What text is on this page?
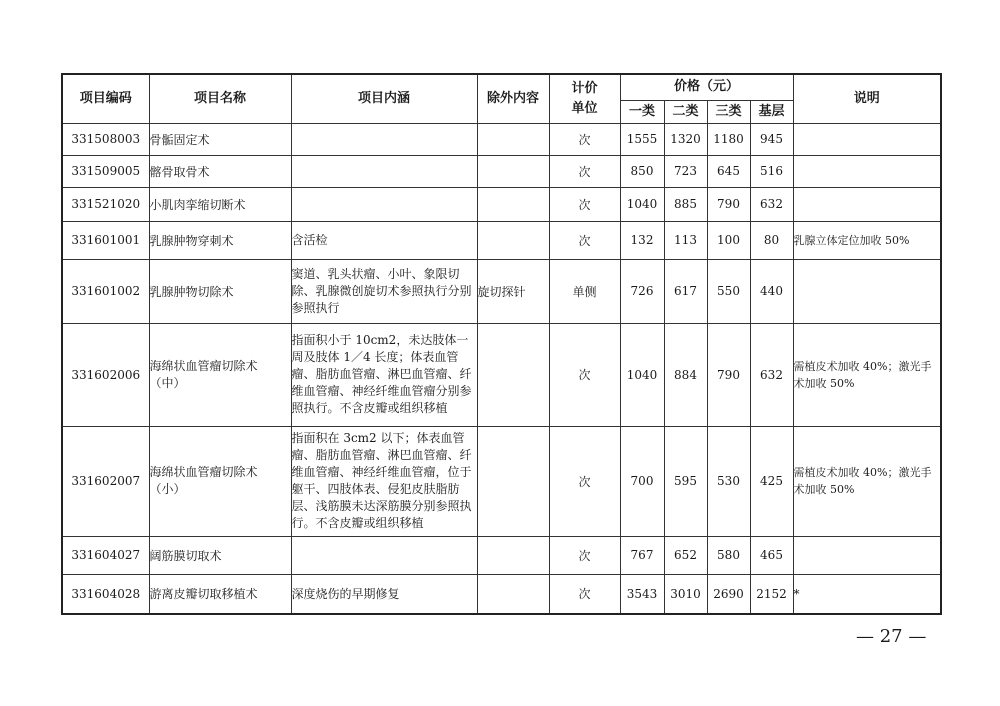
项目编码	项目名称	项目内涵	除外内容	计价单位	价格（元）				说明
					一类	二类	三类	基层	
331508003	骨骺固定术			次	1555	1320	1180	945	
331509005	髂骨取骨术			次	850	723	645	516	
331521020	小肌肉挛缩切断术			次	1040	885	790	632	
331601001	乳腺肿物穿刺术	含活检		次	132	113	100	80	乳腺立体定位加收 50%
331601002	乳腺肿物切除术	窦道、乳头状瘤、小叶、象限切除、乳腺微创旋切术参照执行分别参照执行	旋切探针	单侧	726	617	550	440	
331602006	海绵状血管瘤切除术（中）	指面积小于 10cm2，未达肢体一周及肢体 1／4 长度；体表血管瘤、脂肪血管瘤、淋巴血管瘤、纤维血管瘤、神经纤维血管瘤分别参照执行。不含皮瓣或组织移植		次	1040	884	790	632	需植皮术加收 40%；激光手术加收 50%
331602007	海绵状血管瘤切除术（小）	指面积在 3cm2 以下；体表血管瘤、脂肪血管瘤、淋巴血管瘤、纤维血管瘤、神经纤维血管瘤，位于躯干、四肢体表、侵犯皮肤脂肪层、浅筋膜未达深筋膜分别参照执行。不含皮瓣或组织移植		次	700	595	530	425	需植皮术加收 40%；激光手术加收 50%
331604027	阔筋膜切取术			次	767	652	580	465	
331604028	游离皮瓣切取移植术	深度烧伤的早期修复		次	3543	3010	2690	2152	*
— 27 —
